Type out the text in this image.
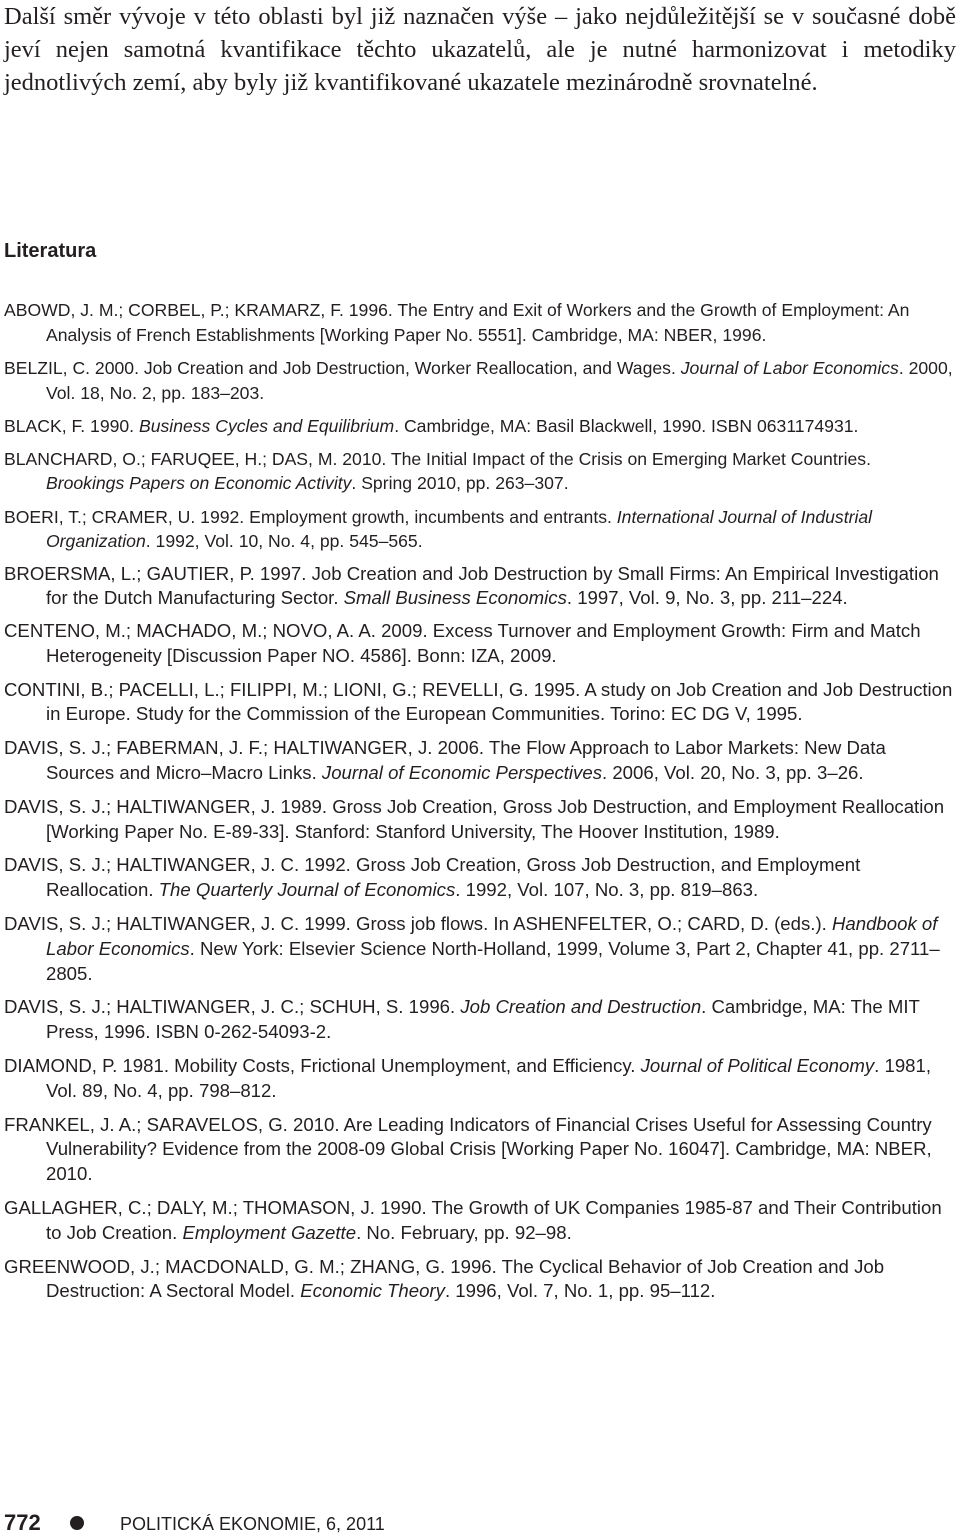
Další směr vývoje v této oblasti byl již naznačen výše – jako nejdůležitější se v současné době jeví nejen samotná kvantifikace těchto ukazatelů, ale je nutné harmonizovat i metodiky jednotlivých zemí, aby byly již kvantifikované ukazatele mezinárodně srovnatelné.

Literatura

ABOWD, J. M.; CORBEL, P.; KRAMARZ, F. 1996. The Entry and Exit of Workers and the Growth of Employment: An Analysis of French Establishments [Working Paper No. 5551]. Cambridge, MA: NBER, 1996.

BELZIL, C. 2000. Job Creation and Job Destruction, Worker Reallocation, and Wages. Journal of Labor Economics. 2000, Vol. 18, No. 2, pp. 183–203.

BLACK, F. 1990. Business Cycles and Equilibrium. Cambridge, MA: Basil Blackwell, 1990. ISBN 0631174931.

BLANCHARD, O.; FARUQEE, H.; DAS, M. 2010. The Initial Impact of the Crisis on Emerging Market Countries. Brookings Papers on Economic Activity. Spring 2010, pp. 263–307.

BOERI, T.; CRAMER, U. 1992. Employment growth, incumbents and entrants. International Journal of Industrial Organization. 1992, Vol. 10, No. 4, pp. 545–565.

BROERSMA, L.; GAUTIER, P. 1997. Job Creation and Job Destruction by Small Firms: An Empirical Investigation for the Dutch Manufacturing Sector. Small Business Economics. 1997, Vol. 9, No. 3, pp. 211–224.

CENTENO, M.; MACHADO, M.; NOVO, A. A. 2009. Excess Turnover and Employment Growth: Firm and Match Heterogeneity [Discussion Paper NO. 4586]. Bonn: IZA, 2009.

CONTINI, B.; PACELLI, L.; FILIPPI, M.; LIONI, G.; REVELLI, G. 1995. A study on Job Creation and Job Destruction in Europe. Study for the Commission of the European Communities. Torino: EC DG V, 1995.

DAVIS, S. J.; FABERMAN, J. F.; HALTIWANGER, J. 2006. The Flow Approach to Labor Markets: New Data Sources and Micro–Macro Links. Journal of Economic Perspectives. 2006, Vol. 20, No. 3, pp. 3–26.

DAVIS, S. J.; HALTIWANGER, J. 1989. Gross Job Creation, Gross Job Destruction, and Employment Reallocation [Working Paper No. E-89-33]. Stanford: Stanford University, The Hoover Institution, 1989.

DAVIS, S. J.; HALTIWANGER, J. C. 1992. Gross Job Creation, Gross Job Destruction, and Employment Reallocation. The Quarterly Journal of Economics. 1992, Vol. 107, No. 3, pp. 819–863.

DAVIS, S. J.; HALTIWANGER, J. C. 1999. Gross job flows. In ASHENFELTER, O.; CARD, D. (eds.). Handbook of Labor Economics. New York: Elsevier Science North-Holland, 1999, Volume 3, Part 2, Chapter 41, pp. 2711–2805.

DAVIS, S. J.; HALTIWANGER, J. C.; SCHUH, S. 1996. Job Creation and Destruction. Cambridge, MA: The MIT Press, 1996. ISBN 0-262-54093-2.

DIAMOND, P. 1981. Mobility Costs, Frictional Unemployment, and Efficiency. Journal of Political Economy. 1981, Vol. 89, No. 4, pp. 798–812.

FRANKEL, J. A.; SARAVELOS, G. 2010. Are Leading Indicators of Financial Crises Useful for Assessing Country Vulnerability? Evidence from the 2008-09 Global Crisis [Working Paper No. 16047]. Cambridge, MA: NBER, 2010.

GALLAGHER, C.; DALY, M.; THOMASON, J. 1990. The Growth of UK Companies 1985-87 and Their Contribution to Job Creation. Employment Gazette. No. February, pp. 92–98.

GREENWOOD, J.; MACDONALD, G. M.; ZHANG, G. 1996. The Cyclical Behavior of Job Creation and Job Destruction: A Sectoral Model. Economic Theory. 1996, Vol. 7, No. 1, pp. 95–112.

772	POLITICKÁ EKONOMIE, 6, 2011
